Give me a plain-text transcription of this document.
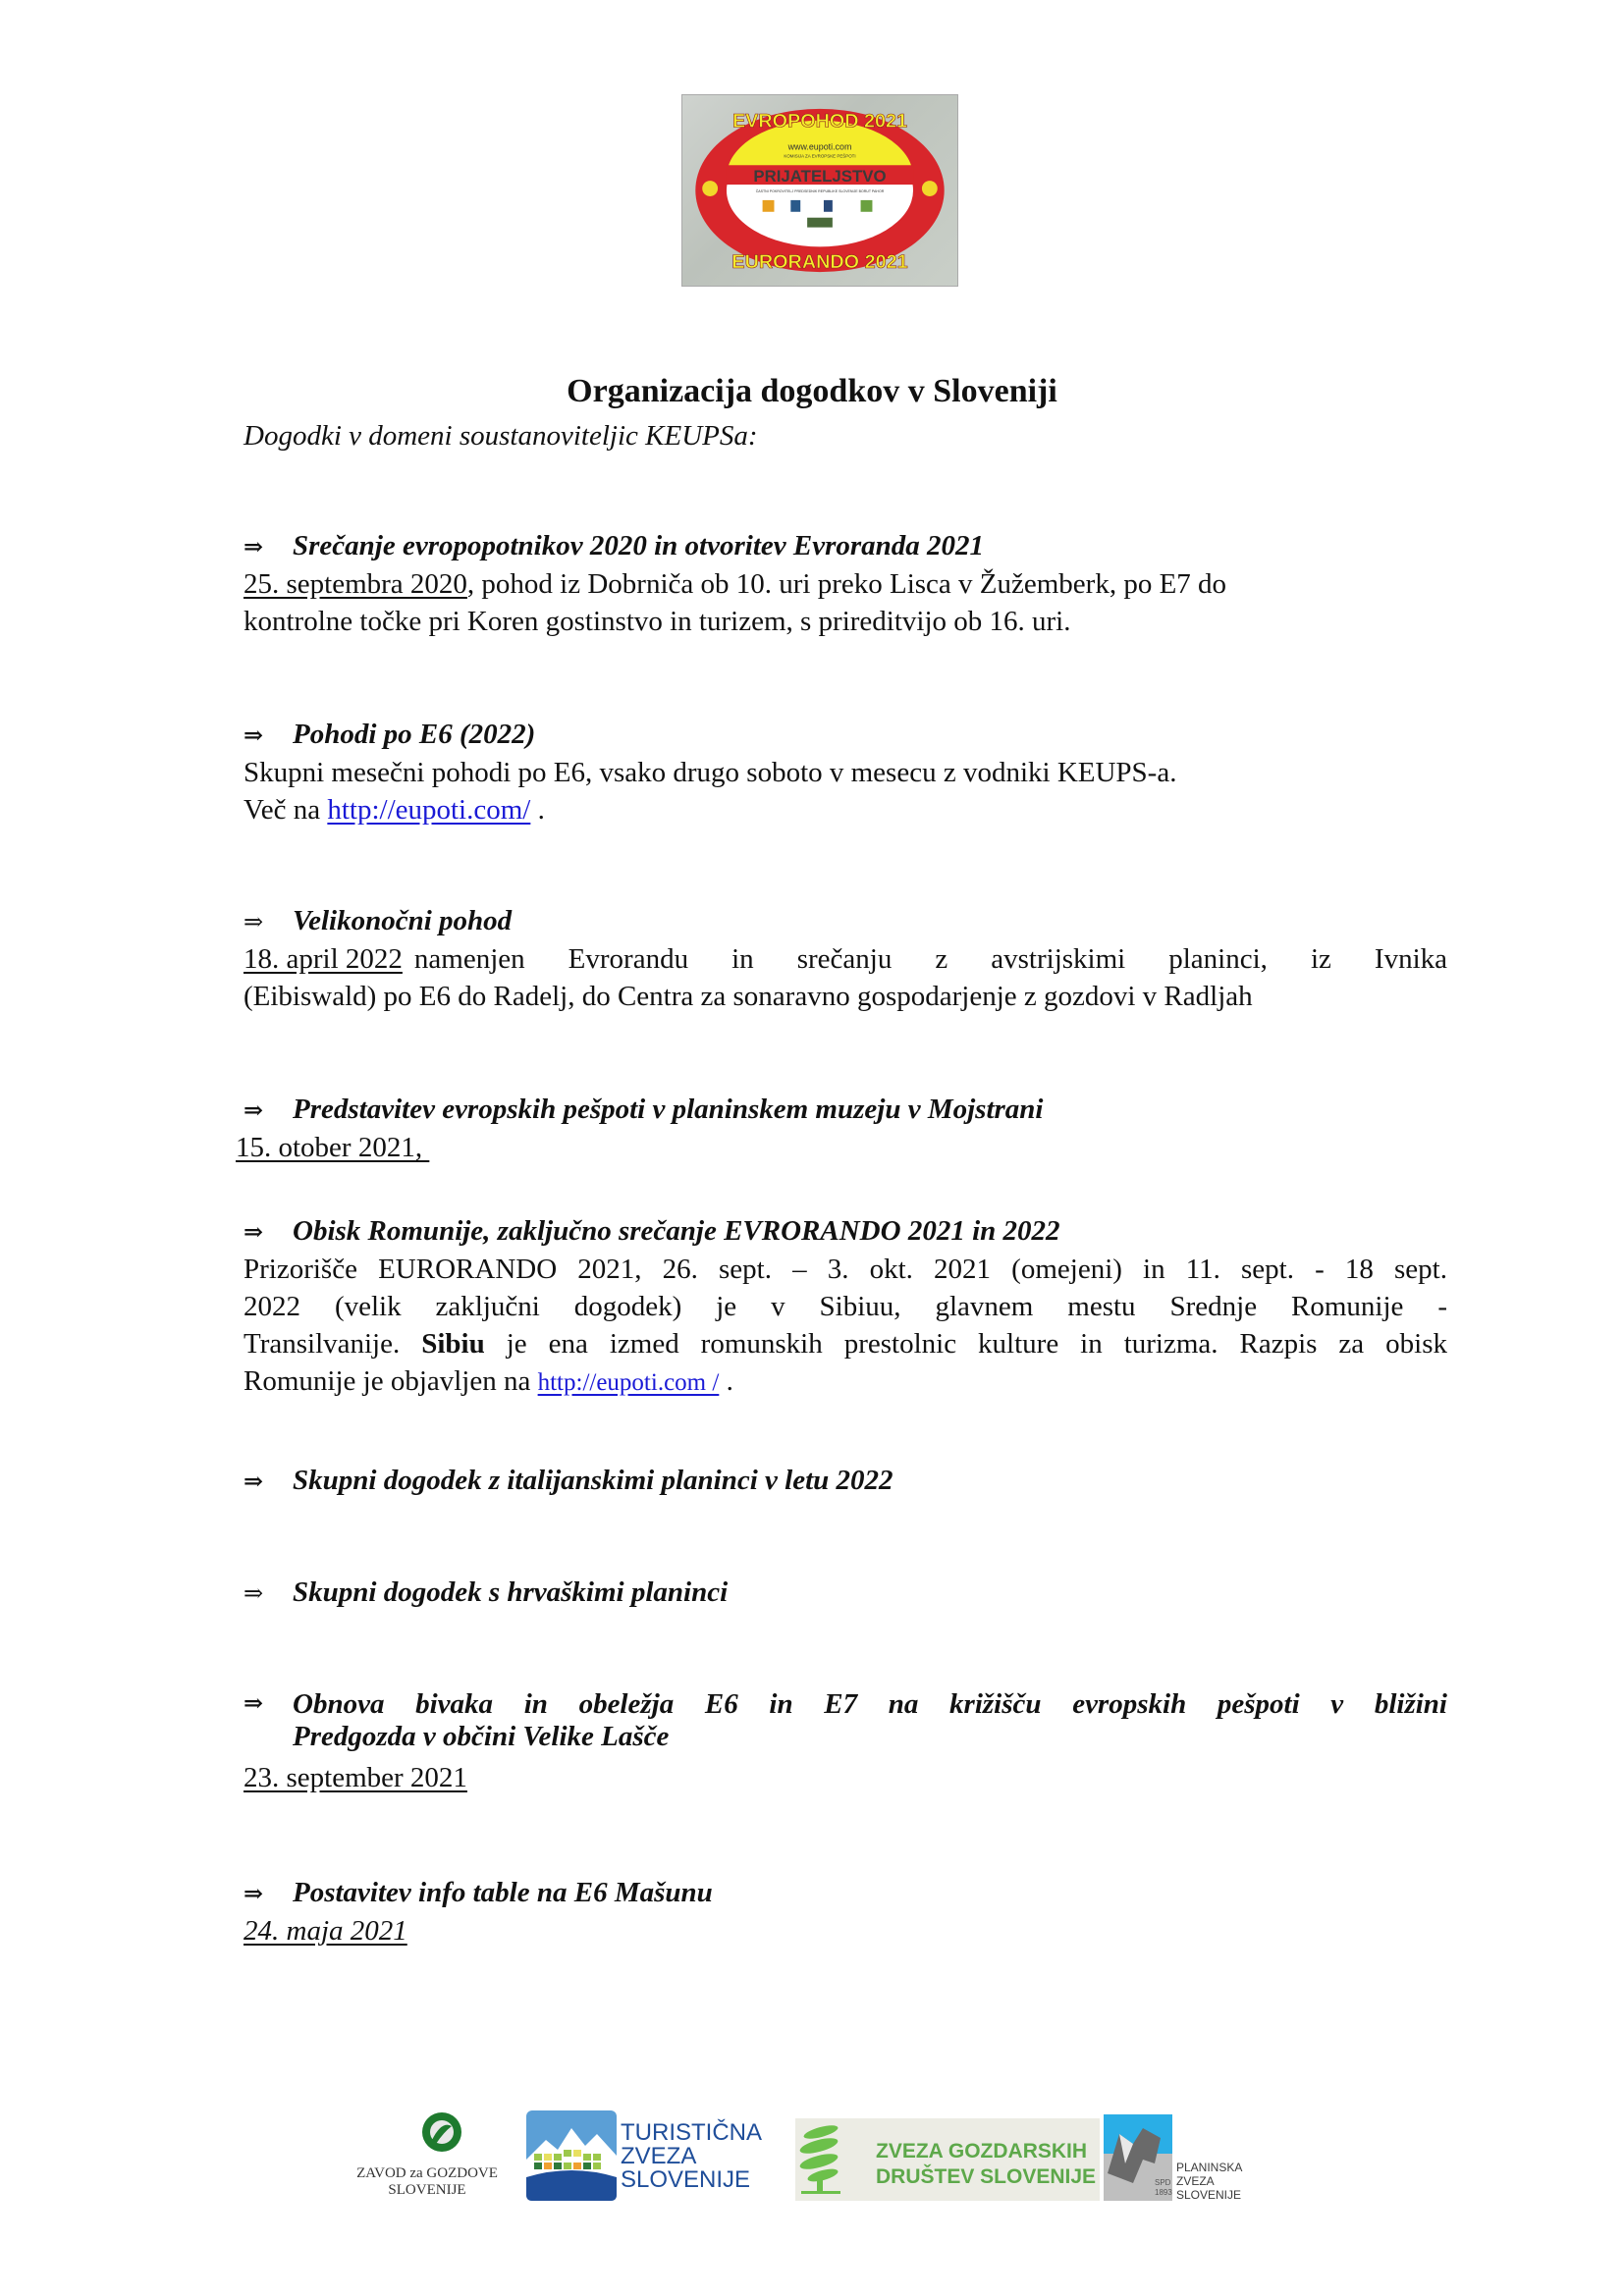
EVROPOHOD 2021
www.eupoti.com
KOMISIJA ZA EVROPSKE PEŠPOTI
PRIJATELJSTVO
ČASTNI POKROVITELJ PREDSEDNIK REPUBLIKE SLOVENIJE BORUT PAHOR
EURORANDO 2021
Organizacija dogodkov v Sloveniji
Dogodki v domeni soustanoviteljic KEUPSa:
⇒ Srečanje evropopotnikov 2020 in otvoritev Evroranda 2021
25. septembra 2020, pohod iz Dobrniča ob 10. uri preko Lisca v Žužemberk, po E7 do
kontrolne točke pri Koren gostinstvo in turizem, s prireditvijo ob 16. uri.
⇒ Pohodi po E6 (2022)
Skupni mesečni pohodi po E6, vsako drugo soboto v mesecu z vodniki KEUPS-a.
Več na http://eupoti.com/ .
⇒ Velikonočni pohod
18. april 2022 namenjen Evrorandu in srečanju z avstrijskimi planinci, iz Ivnika
(Eibiswald) po E6 do Radelj, do Centra za sonaravno gospodarjenje z gozdovi v Radljah
⇒ Predstavitev evropskih pešpoti v planinskem muzeju v Mojstrani
15. otober 2021,
⇒ Obisk Romunije, zaključno srečanje EVRORANDO 2021 in 2022
Prizorišče EURORANDO 2021, 26. sept. – 3. okt. 2021 (omejeni) in 11. sept. - 18 sept.
2022 (velik zaključni dogodek) je v Sibiuu, glavnem mestu Srednje Romunije -
Transilvanije. Sibiu je ena izmed romunskih prestolnic kulture in turizma. Razpis za obisk
Romunije je objavljen na http://eupoti.com / .
⇒ Skupni dogodek z italijanskimi planinci v letu 2022
⇒ Skupni dogodek s hrvaškimi planinci
⇒	Obnova bivaka in obeležja E6 in E7 na križišču evropskih pešpoti v bližini
Predgozda v občini Velike Lašče
23. september 2021
⇒ Postavitev info table na E6 Mašunu
24. maja 2021
ZAVOD za GOZDOVE
SLOVENIJE
TURISTIČNA
ZVEZA
SLOVENIJE
ZVEZA GOZDARSKIH
DRUŠTEV SLOVENIJE	SPD
1893
PLANINSKA
ZVEZA
SLOVENIJE
